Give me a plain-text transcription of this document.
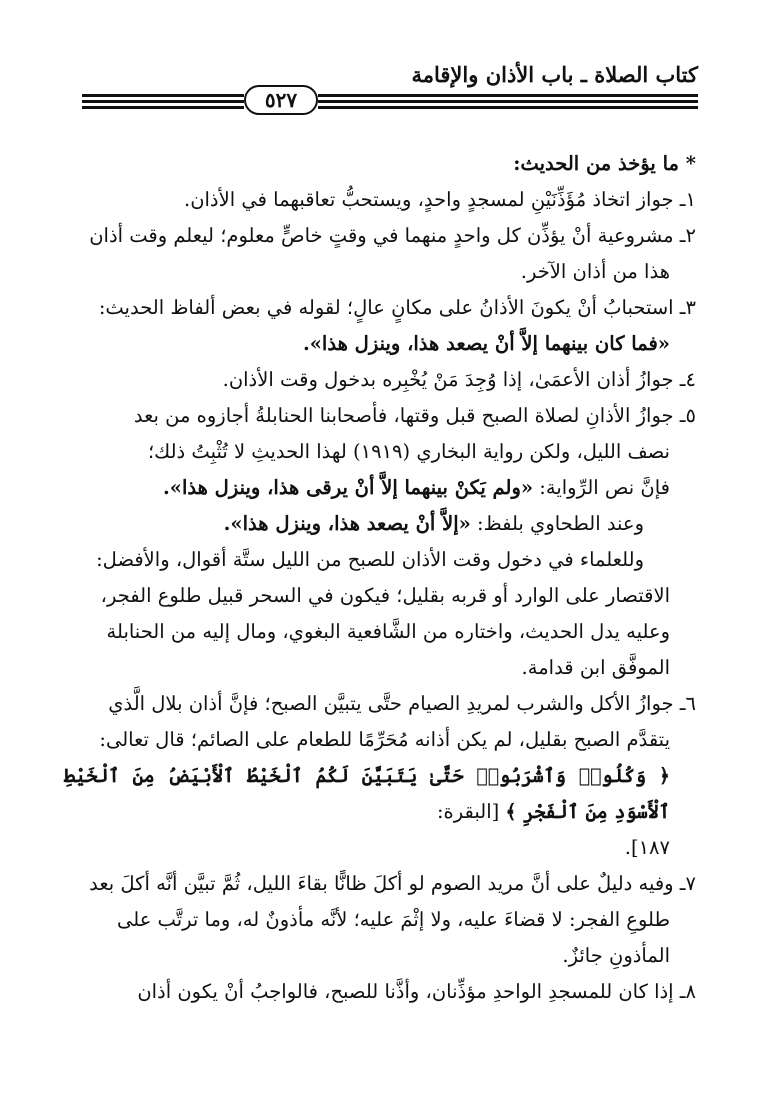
كتاب الصلاة ـ باب الأذان والإقامة
٥٢٧
* ما يؤخذ من الحديث:
١ـ جواز اتخاذ مُؤَذِّنَيْنِ لمسجدٍ واحدٍ، ويستحبُّ تعاقبهما في الأذان.
٢ـ مشروعية أنْ يؤذِّن كل واحدٍ منهما في وقتٍ خاصٍّ معلوم؛ ليعلم وقت أذان
هذا من أذان الآخر.
٣ـ استحبابُ أنْ يكونَ الأذانُ على مكانٍ عالٍ؛ لقوله في بعض ألفاظ الحديث:
«فما كان بينهما إلاَّ أنْ يصعد هذا، وينزل هذا».
٤ـ جوازُ أذان الأعمَىٰ، إذا وُجِدَ مَنْ يُخْبِره بدخول وقت الأذان.
٥ـ جوازُ الأذانِ لصلاة الصبح قبل وقتها، فأصحابنا الحنابلةُ أجازوه من بعد
نصف الليل، ولكن رواية البخاري (١٩١٩) لهذا الحديثِ لا تُثْبِتُ ذلك؛
فإنَّ نص الرِّواية: «ولم يَكنْ بينهما إلاَّ أنْ يرقى هذا، وينزل هذا».
وعند الطحاوي بلفظ: «إلاَّ أنْ يصعد هذا، وينزل هذا».
وللعلماء في دخول وقت الأذان للصبح من الليل ستَّة أقوال، والأفضل:
الاقتصار على الوارد أو قربه بقليل؛ فيكون في السحر قبيل طلوع الفجر،
وعليه يدل الحديث، واختاره من الشَّافعية البغوي، ومال إليه من الحنابلة
الموفَّق ابن قدامة.
٦ـ جوازُ الأكل والشرب لمريدِ الصيام حتَّى يتبيَّن الصبح؛ فإنَّ أذان بلال الَّذي
يتقدَّم الصبح بقليل، لم يكن أذانه مُحَرِّمًا للطعام على الصائم؛ قال تعالى:
﴿ وَكُلُوا۟ وَٱشْرَبُوا۟ حَتَّىٰ يَتَبَيَّنَ لَكُمُ ٱلْخَيْطُ ٱلْأَبْيَضُ مِنَ ٱلْخَيْطِ ٱلْأَسْوَدِ مِنَ ٱلْفَجْرِ ﴾ [البقرة:
١٨٧].
٧ـ وفيه دليلٌ على أنَّ مريد الصوم لو أكلَ ظانًّا بقاءَ الليل، ثُمَّ تبيَّن أنَّه أكلَ بعد
طلوعِ الفجر: لا قضاءَ عليه، ولا إثْمَ عليه؛ لأنَّه مأذونٌ له، وما ترتَّب على
المأذونِ جائزٌ.
٨ـ إذا كان للمسجدِ الواحدِ مؤذِّنان، وأذَّنا للصبح، فالواجبُ أنْ يكون أذان
